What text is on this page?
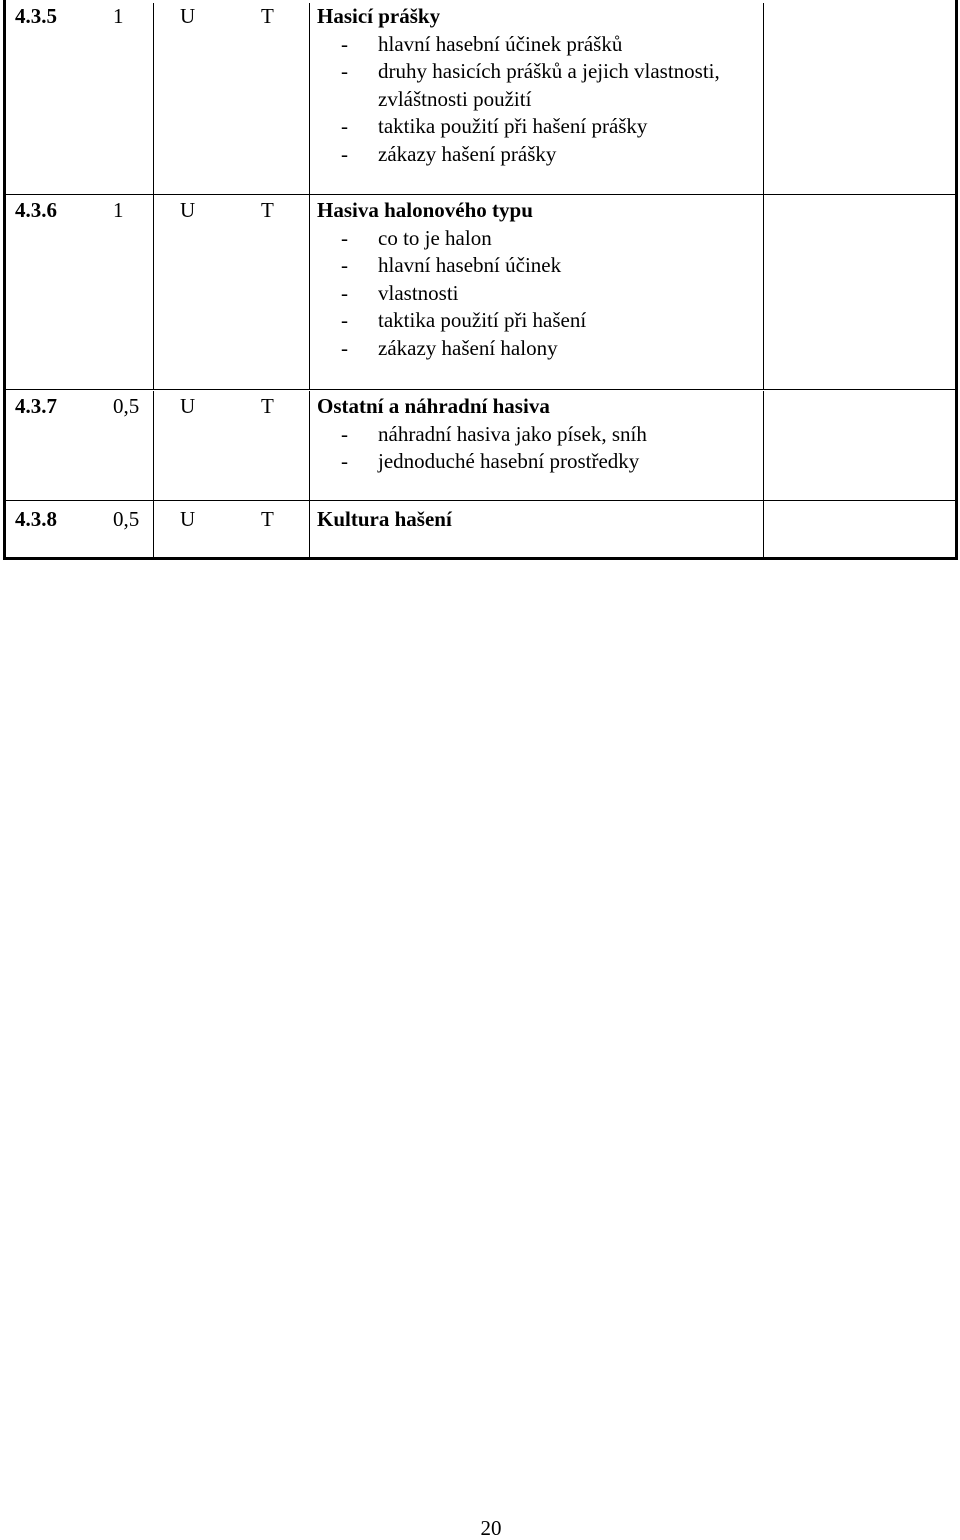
4.3.5	1	U	T	Hasicí prášky
-	hlavní hasební účinek prášků
-	druhy hasicích prášků a jejich vlastnosti, zvláštnosti použití
-	taktika použití při hašení prášky
-	zákazy hašení prášky
4.3.6	1	U	T	Hasiva halonového typu
-	co to je halon
-	hlavní hasební účinek
-	vlastnosti
-	taktika použití při hašení
-	zákazy hašení halony
4.3.7	0,5	U	T	Ostatní a náhradní hasiva
-	náhradní hasiva jako písek, sníh
-	jednoduché hasební prostředky
4.3.8	0,5	U	T	Kultura hašení
20
